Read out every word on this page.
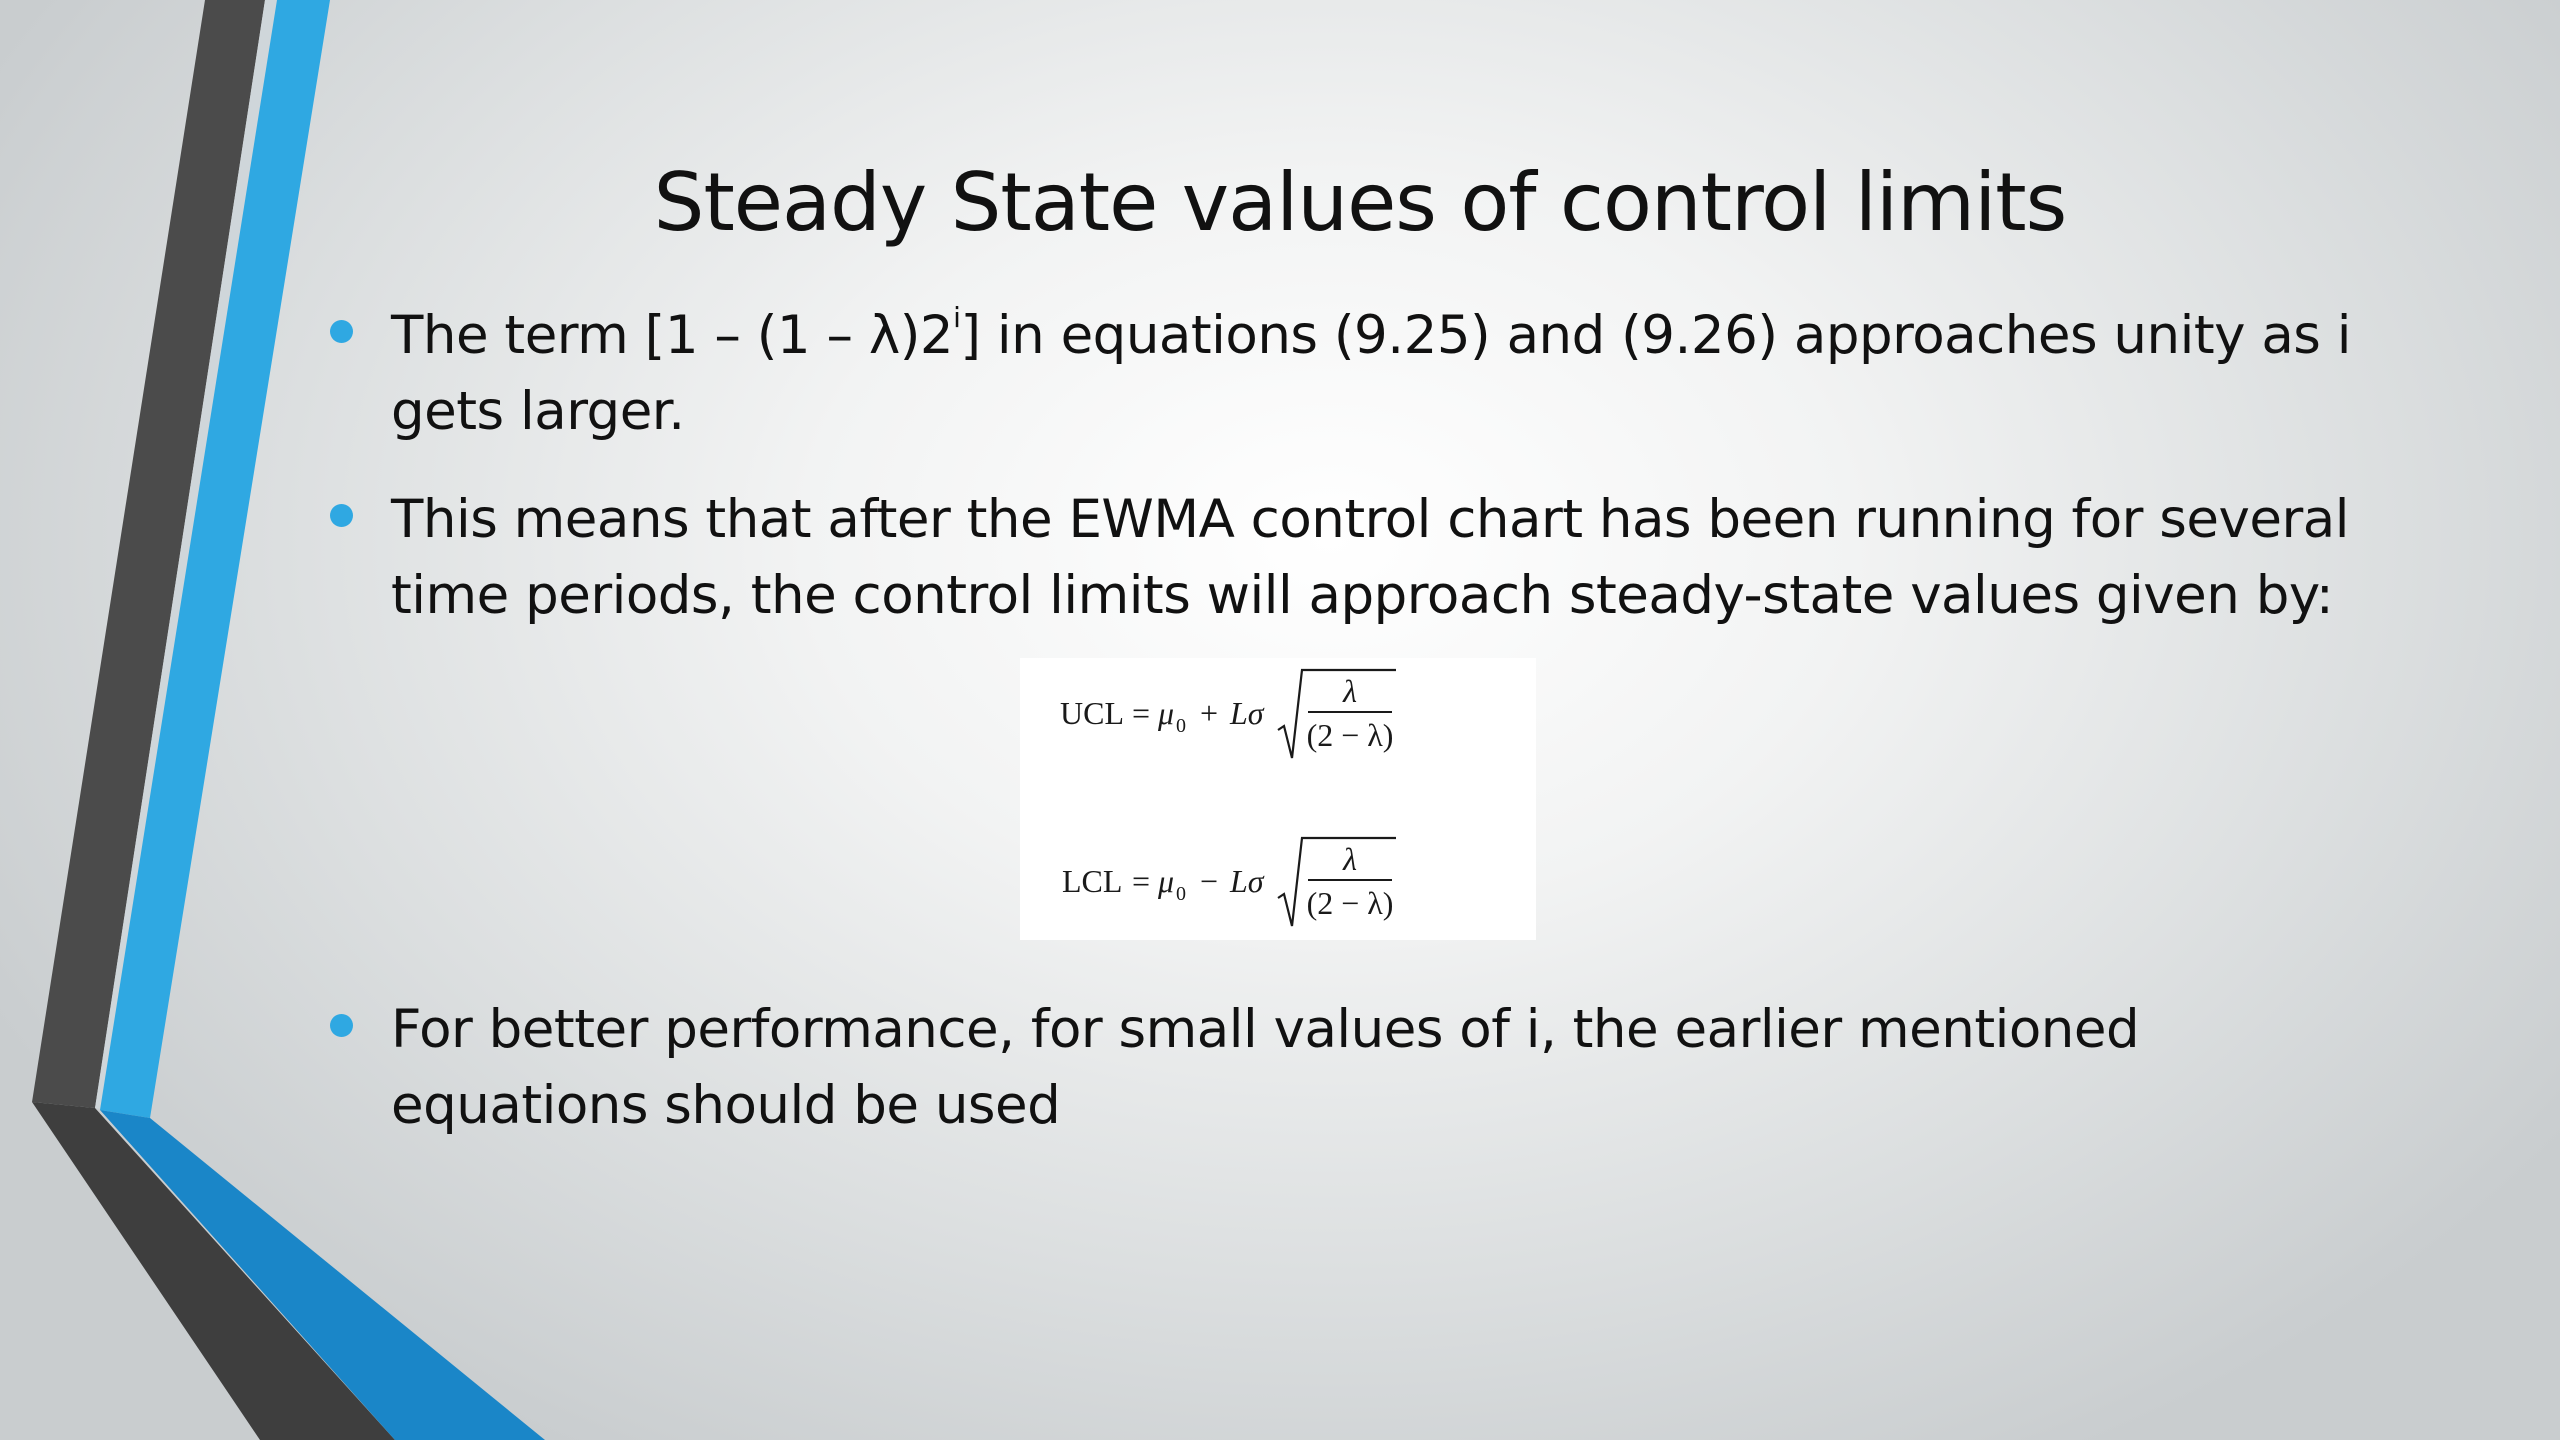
Steady State values of control limits
The term [1 – (1 – λ)2$^i$] in equations (9.25) and (9.26) approaches unity as i gets larger.
This means that after the EWMA control chart has been running for several time periods, the control limits will approach steady-state values given by:
UCL = μ 0 + Lσ
λ
(2 − λ)
LCL = μ 0 − Lσ
λ
(2 − λ)
For better performance, for small values of i, the earlier mentioned equations should be used
